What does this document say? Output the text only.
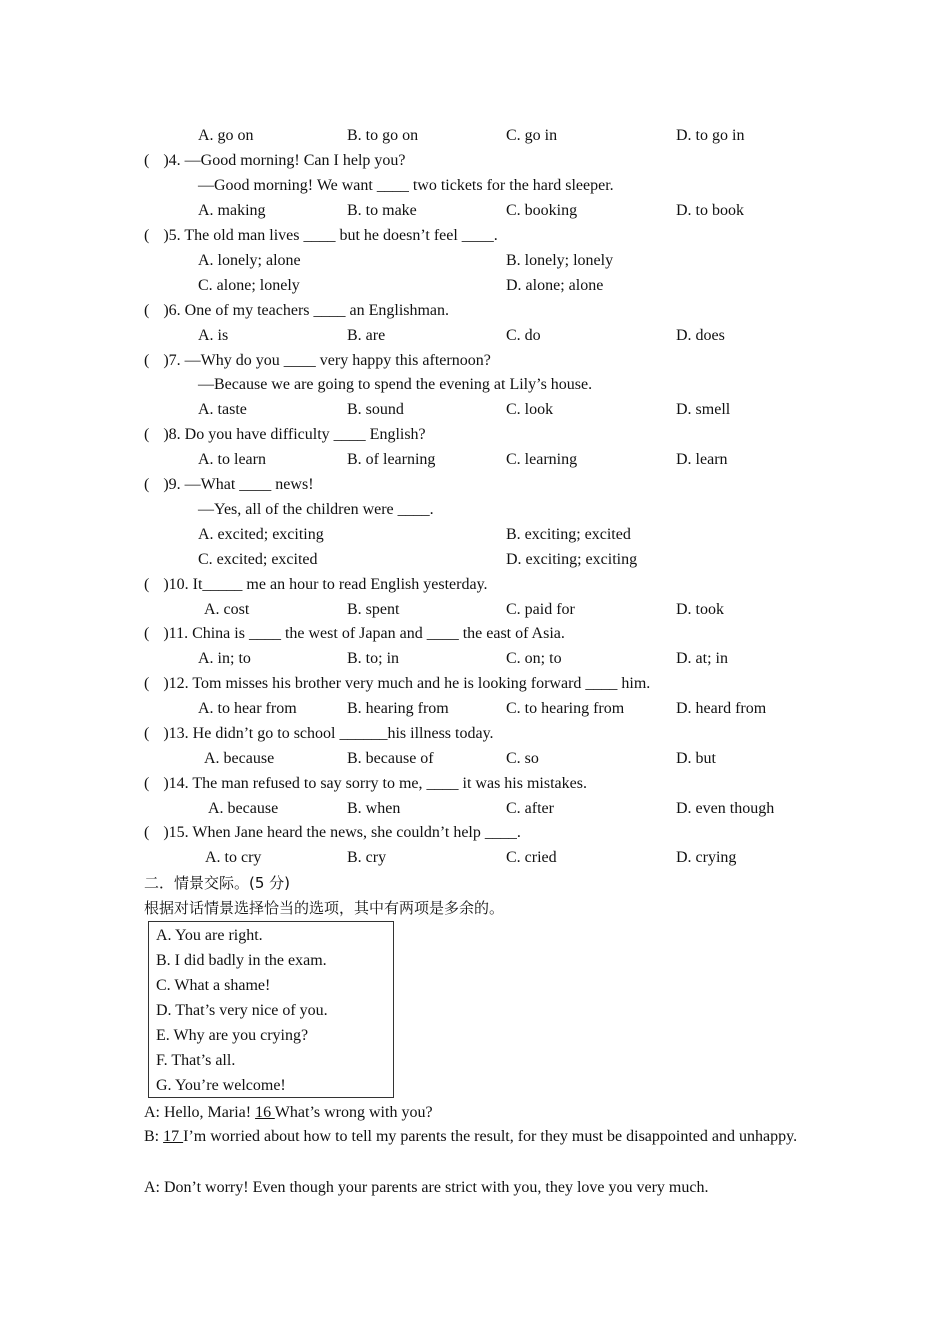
A. go on	B. to go on	C. go in	D. to go in
( )4. —Good morning! Can I help you?
—Good morning! We want ____ two tickets for the hard sleeper.
A. making	B. to make	C. booking	D. to book
( )5. The old man lives ____ but he doesn’t feel ____.
A. lonely; alone	B. lonely; lonely
C. alone; lonely	D. alone; alone
( )6. One of my teachers ____ an Englishman.
A. is	B. are	C. do	D. does
( )7. —Why do you ____ very happy this afternoon?
—Because we are going to spend the evening at Lily’s house.
A. taste	B. sound	C. look	D. smell
( )8. Do you have difficulty ____ English?
A. to learn	B. of learning	C. learning	D. learn
( )9. —What ____ news!
—Yes, all of the children were ____.
A. excited; exciting	B. exciting; excited
C. excited; excited	D. exciting; exciting
( )10. It_____ me an hour to read English yesterday.
A. cost	B. spent	C. paid for	D. took
( )11. China is ____ the west of Japan and ____ the east of Asia.
A. in; to	B. to; in	C. on; to	D. at; in
( )12. Tom misses his brother very much and he is looking forward ____ him.
A. to hear from	B. hearing from	C. to hearing from	D. heard from
( )13. He didn’t go to school ______his illness today.
A. because	B. because of	C. so	D. but
( )14. The man refused to say sorry to me, ____ it was his mistakes.
A. because	B. when	C. after	D. even though
( )15. When Jane heard the news, she couldn’t help ____.
A. to cry	B. cry	C. cried	D. crying
二．情景交际。(5 分)
根据对话情景选择恰当的选项，其中有两项是多余的。
A. You are right.
B. I did badly in the exam.
C. What a shame!
D. That’s very nice of you.
E. Why are you crying?
F. That’s all.
G. You’re welcome!
A: Hello, Maria! 16 What’s wrong with you?
B: 17 I’m worried about how to tell my parents the result, for they must be disappointed and unhappy.
A: Don’t worry! Even though your parents are strict with you, they love you very much.
